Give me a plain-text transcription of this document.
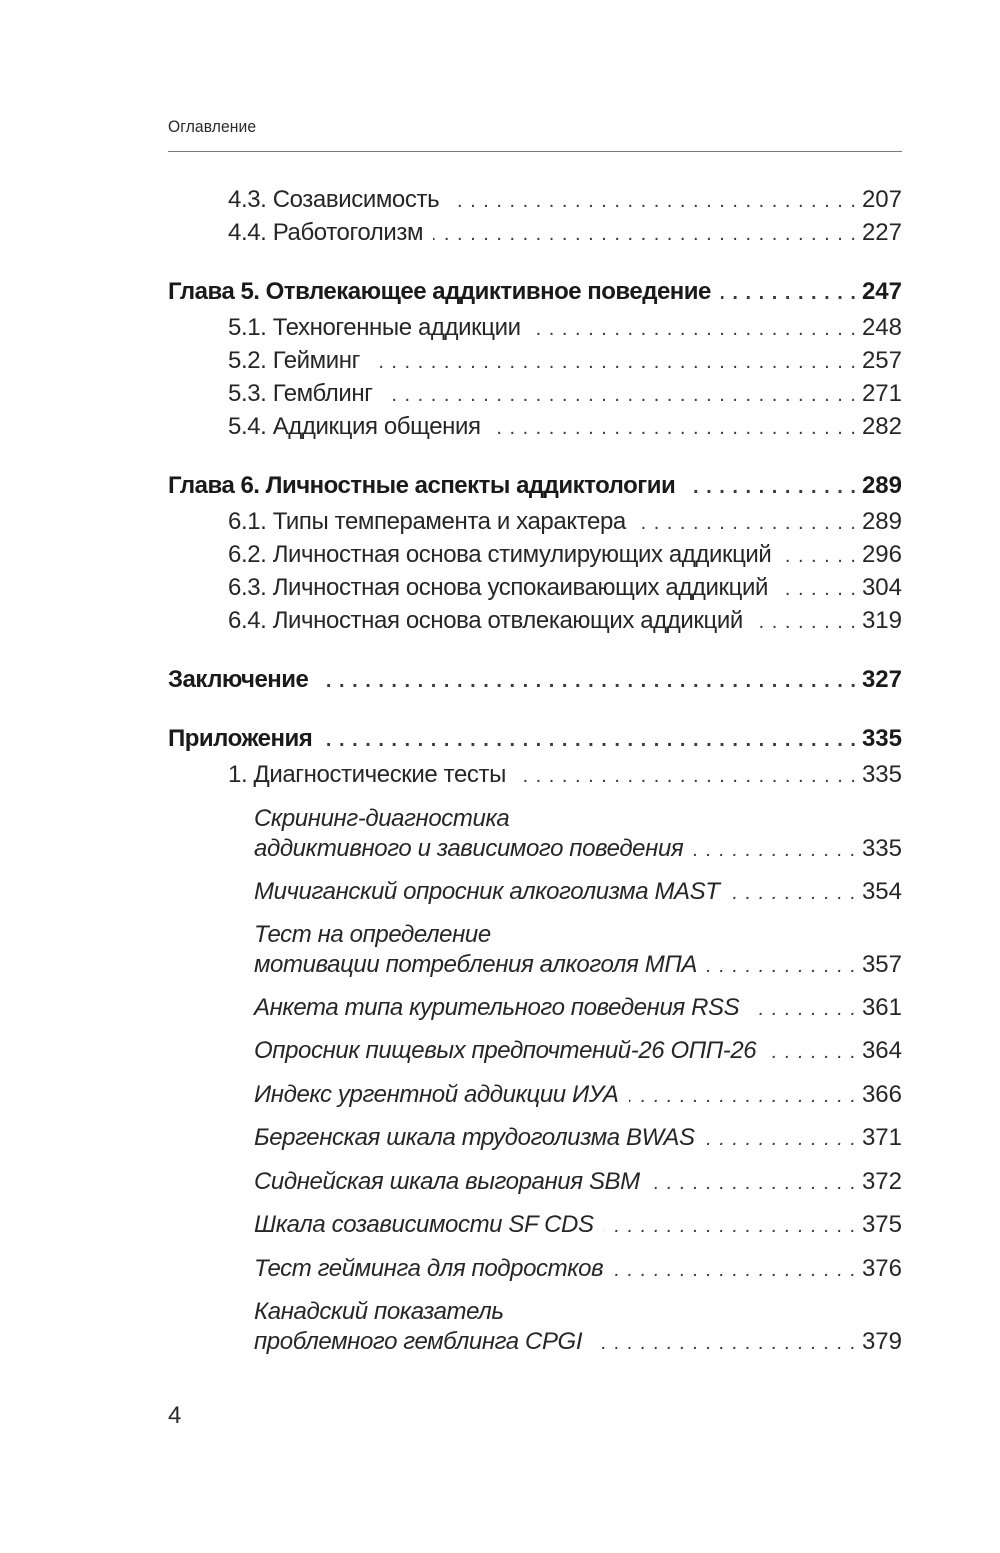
Оглавление
4.3. Созависимость . . .	207
4.4. Работоголизм . . .	227
Глава 5. Отвлекающее аддиктивное поведение . . .	247
5.1. Техногенные аддикции . . .	248
5.2. Гейминг . . .	257
5.3. Гемблинг . . .	271
5.4. Аддикция общения . . .	282
Глава 6. Личностные аспекты аддиктологии . . .	289
6.1. Типы темперамента и характера . . .	289
6.2. Личностная основа стимулирующих аддикций . . .	296
6.3. Личностная основа успокаивающих аддикций . . .	304
6.4. Личностная основа отвлекающих аддикций . . .	319
Заключение . . .	327
Приложения . . .	335
1. Диагностические тесты . . .	335
Скрининг-диагностика
аддиктивного и зависимого поведения . . .	335
Мичиганский опросник алкоголизма MAST . . .	354
Тест на определение
мотивации потребления алкоголя МПА . . .	357
Анкета типа курительного поведения RSS . . .	361
Опросник пищевых предпочтений-26 ОПП-26 . . .	364
Индекс ургентной аддикции ИУА . . .	366
Бергенская шкала трудоголизма BWAS . . .	371
Сиднейская шкала выгорания SBM . . .	372
Шкала созависимости SF CDS . . .	375
Тест гейминга для подростков . . .	376
Канадский показатель
проблемного гемблинга CPGI . . .	379
4
